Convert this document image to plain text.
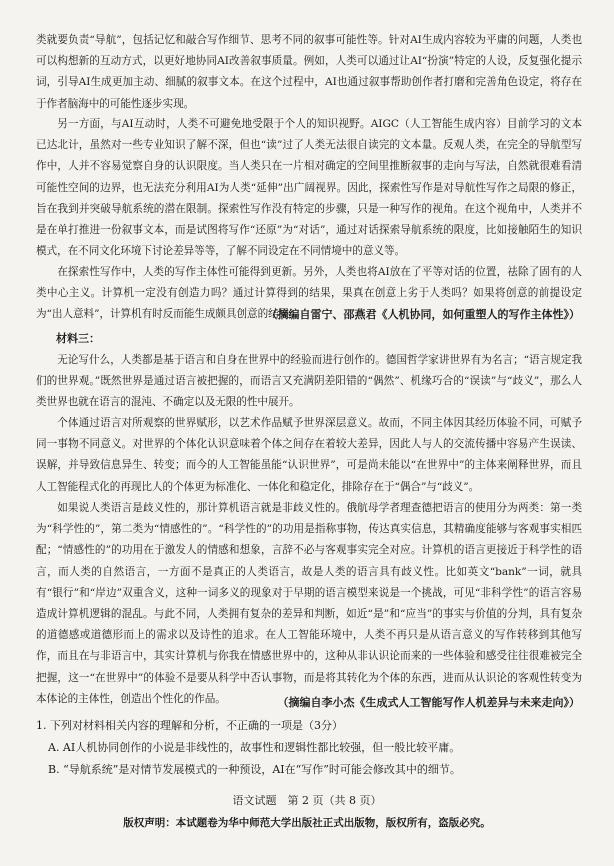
类就要负责“导航”，包括记忆和敲合写作细节、思考不同的叙事可能性等。针对AI生成内容较为平庸的问题，人类也可以构想新的互动方式，以更好地协同AI改善叙事质量。例如，人类可以通过让AI“扮演”特定的人设，反复强化提示词，引导AI生成更加主动、细腻的叙事文本。在这个过程中，AI也通过叙事帮助创作者打磨和完善角色设定，将存在于作者脑海中的可能性逐步实现。
另一方面，与AI互动时，人类不可避免地受限于个人的知识视野。AIGC（人工智能生成内容）目前学习的文本已达北计，虽然对一些专业知识了解不深，但也“读”过了人类无法很自读完的文本量。反观人类，在完全的导航型写作中，人并不容易觉察自身的认识限度。当人类只在一片相对确定的空间里推断叙事的走向与写法，自然就很难看清可能性空间的边界，也无法充分利用AI为人类“延伸”出广阔视界。因此，探索性写作是对导航性写作之局限的修正，旨在我到并突破导航系统的潜在限制。探索性写作没有特定的步骤，只是一种写作的视角。在这个视角中，人类并不是在单打推进一份叙事文本，而是试图将写作“还原”为“对话”，通过对话探索导航系统的限度，比如接触陌生的知识模式，在不同文化环境下讨论差异等等，了解不同设定在不同情境中的意义等。
在探索性写作中，人类的写作主体性可能得到更新。另外，人类也将AI放在了平等对话的位置，祛除了固有的人类中心主义。计算机一定没有创造力吗？通过计算得到的结果，果真在创意上劣于人类吗？如果将创意的前提设定为“出人意料”，计算机有时反而能生成颇具创意的结果。
（摘编自雷宁、邵燕君《人机协同，如何重塑人的写作主体性》）
材料三：
无论写什么，人类都是基于语言和自身在世界中的经验而进行创作的。德国哲学家讲世界有为名言；“语言规定我们的世界观。”既然世界是通过语言被把握的，而语言又充满阴差阳错的“偶然”、机缘巧合的“误读”与“歧义”，那么人类世界也就在语言的混沌、不确定以及无限的性中展开。
个体通过语言对所观察的世界赋形，以艺术作品赋予世界深层意义。故而，不同主体因其经历体验不同，可赋予同一事物不同意义。对世界的个体化认识意味着个体之间存在着较大差异，因此人与人的交流传播中容易产生误读、误解，并导致信息异生、转变；而今的人工智能虽能“认识世界”，可是尚未能以“在世界中”的主体来阐释世界，而且人工智能程式化的再现比人的个体更为标准化、一体化和稳定化，排除存在于“偶合”与“歧义”。
如果说人类语言是歧义性的，那计算机语言就是非歧义性的。俄航母学者理查德把语言的使用分为两类：第一类为“科学性的”，第二类为“情感性的”。“科学性的”的功用是指称事物，传达真实信息，其精确度能够与客观事实相匹配；“情感性的”的功用在于激发人的情感和想象，言辞不必与客观事实完全对应。计算机的语言更接近于科学性的语言，而人类的自然语言，一方面不是真正的人类语言，故是人类的语言具有歧义性。比如英文“bank”一词，就具有“银行”和“岸边”双重含义，这种一词多义的现象对于早期的语言模型来说是一个挑战，可见“非科学性”的语言容易造成计算机逻辑的混乱。与此不同，人类拥有复杂的差异和判断，如近“是”和“应当”的事实与价值的分判，具有复杂的道德感或道德形而上的需求以及诗性的追求。在人工智能环境中，人类不再只是从语言意义的写作转移到其他写作，而且在与非语言中，其实计算机与你我在情感世界中的，这种从非认识论而来的一些体验和感受往往很难被完全把握，这一“在世界中”的体验不是要从科学中否认事物，而是将其转化为个体的东西，进而从认识论的客观性转变为本体论的主体性，创造出个性化的作品。	（摘编自李小杰《生成式人工智能写作人机差异与未来走向》）
1. 下列对材料相关内容的理解和分析，不正确的一项是（3分）
A. AI人机协同创作的小说是非线性的，故事性和逻辑性都比较强，但一般比较平庸。
B. “导航系统”是对情节发展模式的一种预设，AI在“写作”时可能会修改其中的细节。
语文试题　第 2 页（共 8 页）
版权声明：本试题卷为华中师范大学出版社正式出版物，版权所有，盗版必究。
